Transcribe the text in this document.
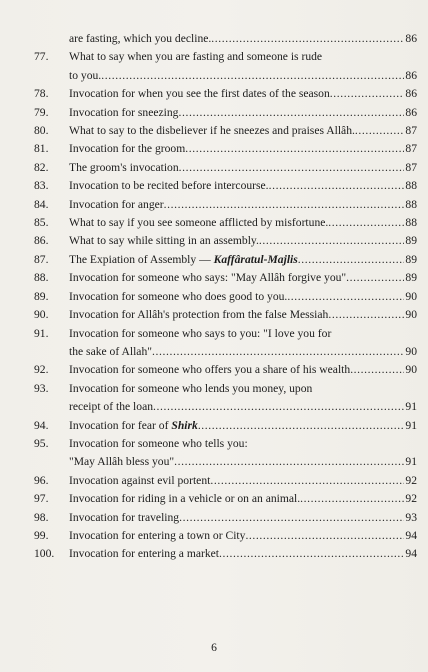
are fasting, which you decline. .....	86
77.	What to say when you are fasting and someone is rude
to you. .....	86
78.	Invocation for when you see the first dates of the season .....	86
79.	Invocation for sneezing .....	86
80.	What to say to the disbeliever if he sneezes and praises Allâh. .....	87
81.	Invocation for the groom .....	87
82.	The groom's invocation .....	87
83.	Invocation to be recited before intercourse. .....	88
84.	Invocation for anger .....	88
85.	What to say if you see someone afflicted by misfortune. .....	88
86.	What to say while sitting in an assembly. .....	89
87.	The Expiation of Assembly — Kaffâratul-Majlis .....	89
88.	Invocation for someone who says: "May Allâh forgive you" .....	89
89.	Invocation for someone who does good to you. .....	90
90.	Invocation for Allâh's protection from the false Messiah .....	90
91.	Invocation for someone who says to you: "I love you for
the sake of Allah" .....	90
92.	Invocation for someone who offers you a share of his wealth .....	90
93.	Invocation for someone who lends you money, upon
receipt of the loan .....	91
94.	Invocation for fear of Shirk .....	91
95.	Invocation for someone who tells you:
"May Allâh bless you" .....	91
96.	Invocation against evil portent .....	92
97.	Invocation for riding in a vehicle or on an animal. .....	92
98.	Invocation for traveling .....	93
99.	Invocation for entering a town or City .....	94
100.	Invocation for entering a market .....	94
6
